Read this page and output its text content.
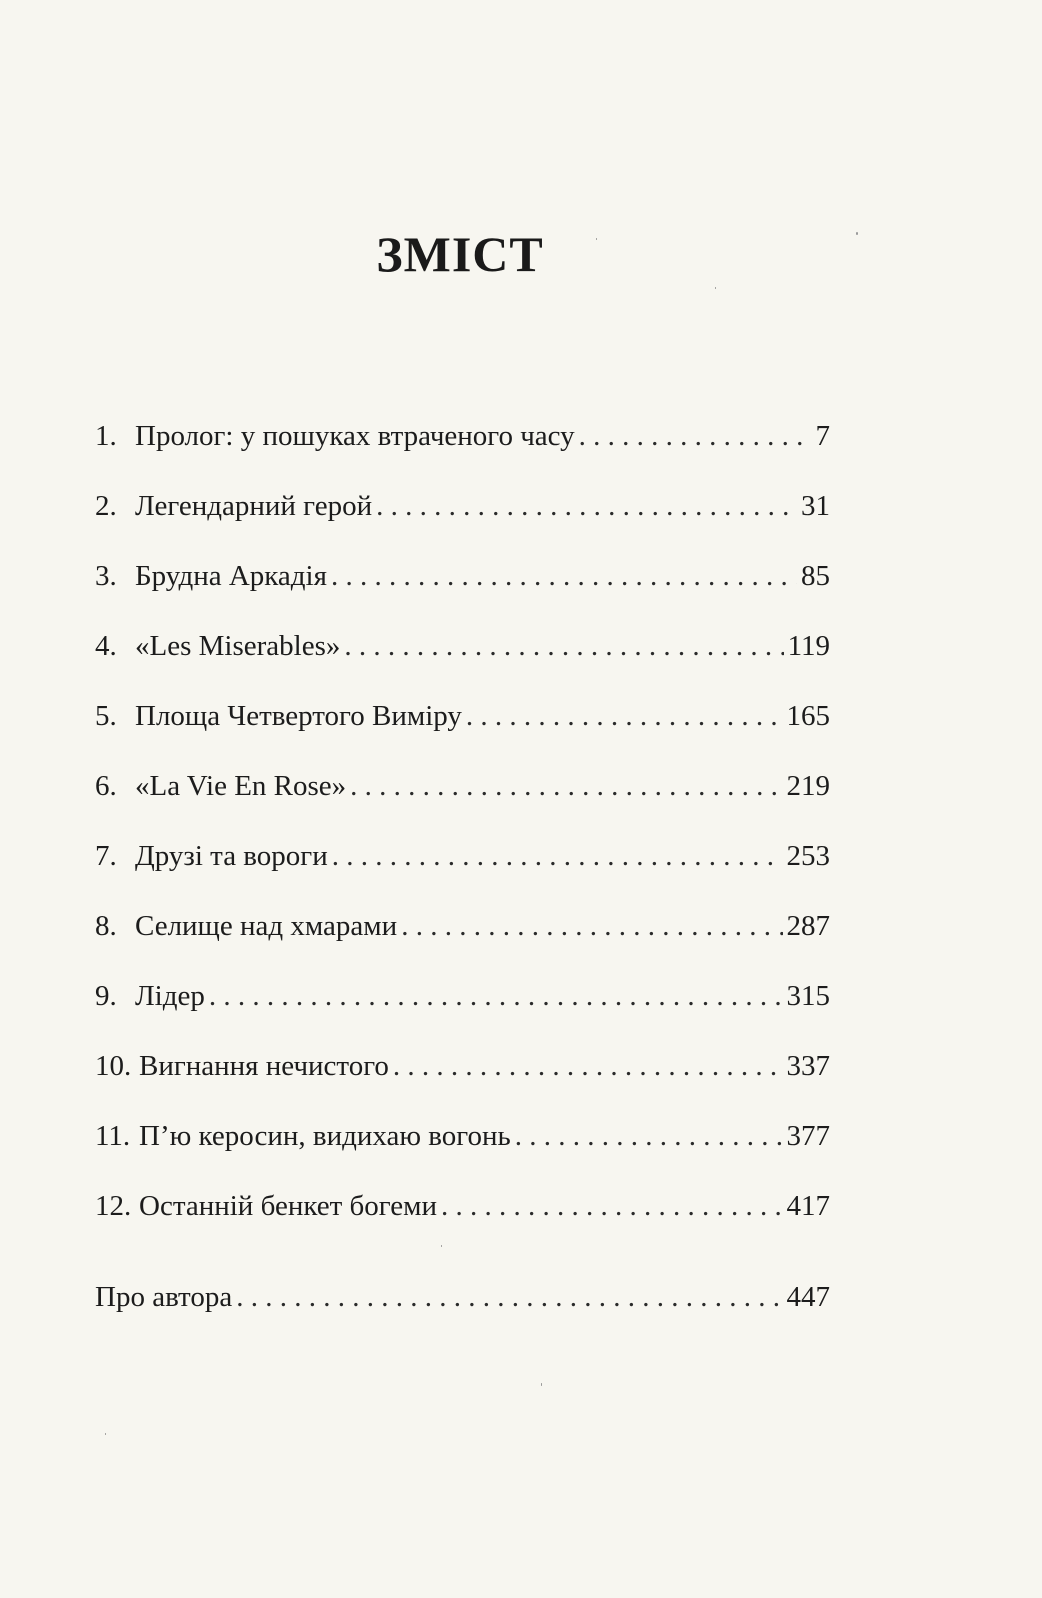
ЗМІСТ
1. Пролог: у пошуках втраченого часу . . .	7
2. Легендарний герой . . .	31
3. Брудна Аркадія . . .	85
4. «Les Miserables» . . .	119
5. Площа Четвертого Виміру . . .	165
6. «La Vie En Rose» . . .	219
7. Друзі та вороги . . .	253
8. Селище над хмарами . . .	287
9. Лідер . . .	315
10. Вигнання нечистого . . .	337
11. П’ю керосин, видихаю вогонь . . .	377
12. Останній бенкет богеми . . .	417
Про автора . . .	447
